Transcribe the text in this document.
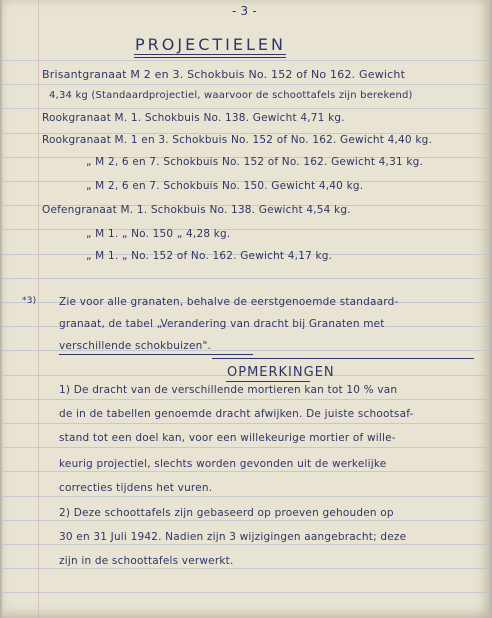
- 3 -
PROJECTIELEN
Brisantgranaat M 2 en 3. Schokbuis No. 152 of No 162. Gewicht
4,34 kg (Standaardprojectiel, waarvoor de schoottafels zijn berekend)
Rookgranaat M. 1. Schokbuis No. 138. Gewicht 4,71 kg.
Rookgranaat M. 1 en 3. Schokbuis No. 152 of No. 162. Gewicht 4,40 kg.
„ M 2, 6 en 7. Schokbuis No. 152 of No. 162. Gewicht 4,31 kg.
„ M 2, 6 en 7. Schokbuis No. 150. Gewicht 4,40 kg.
Oefengranaat M. 1. Schokbuis No. 138. Gewicht 4,54 kg.
„ M 1. „ No. 150 „ 4,28 kg.
„ M 1. „ No. 152 of No. 162. Gewicht 4,17 kg.
*3) Zie voor alle granaten, behalve de eerstgenoemde standaard-
granaat, de tabel „Verandering van dracht bij Granaten met
verschillende schokbuizen".
OPMERKINGEN
1) De dracht van de verschillende mortieren kan tot 10 % van
de in de tabellen genoemde dracht afwijken. De juiste schootsaf-
stand tot een doel kan, voor een willekeurige mortier of wille-
keurig projectiel, slechts worden gevonden uit de werkelijke
correcties tijdens het vuren.
2) Deze schoottafels zijn gebaseerd op proeven gehouden op
30 en 31 Juli 1942. Nadien zijn 3 wijzigingen aangebracht; deze
zijn in de schoottafels verwerkt.
